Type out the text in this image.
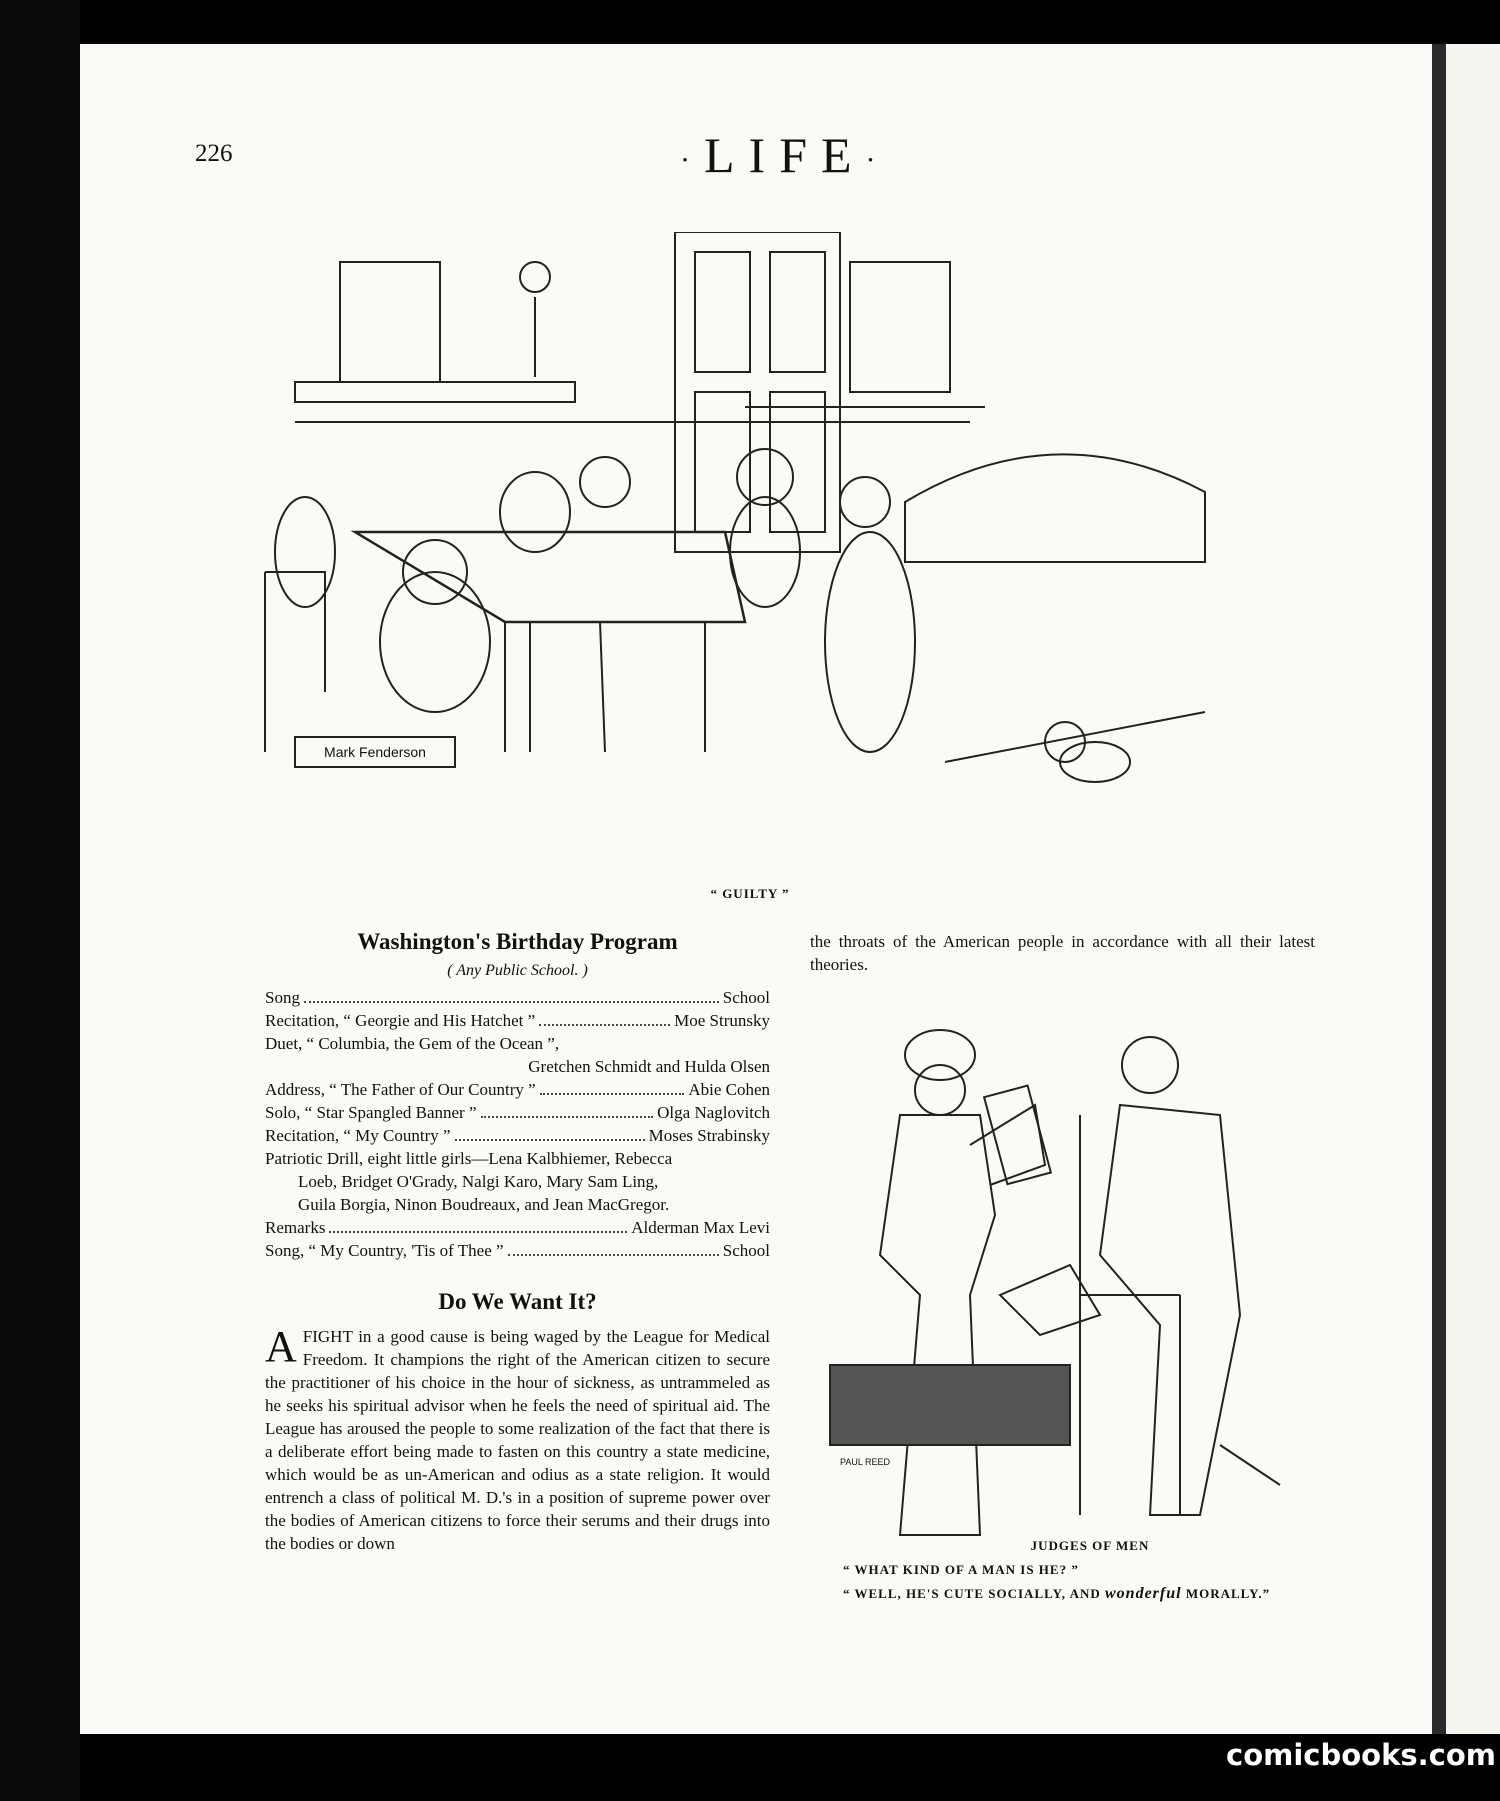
226	·LIFE·
Mark Fenderson
“ GUILTY ”
Washington's Birthday Program
( Any Public School. )
Song	School
Recitation, “ Georgie and His Hatchet ”	Moe Strunsky
Duet, “ Columbia, the Gem of the Ocean ”,
Gretchen Schmidt and Hulda Olsen
Address, “ The Father of Our Country ”	Abie Cohen
Solo, “ Star Spangled Banner ”	Olga Naglovitch
Recitation, “ My Country ”	Moses Strabinsky
Patriotic Drill, eight little girls—Lena Kalbhiemer, Rebecca
Loeb, Bridget O'Grady, Nalgi Karo, Mary Sam Ling,
Guila Borgia, Ninon Boudreaux, and Jean MacGregor.
Remarks	Alderman Max Levi
Song, “ My Country, 'Tis of Thee ”	School
Do We Want It?
AFIGHT in a good cause is being waged by the League for Medical Freedom. It champions the right of the American citizen to secure the practitioner of his choice in the hour of sickness, as untrammeled as he seeks his spiritual advisor when he feels the need of spiritual aid. The League has aroused the people to some realization of the fact that there is a deliberate effort being made to fasten on this country a state medicine, which would be as un-American and odius as a state religion. It would entrench a class of political M. D.'s in a position of supreme power over the bodies of American citizens to force their serums and their drugs into the bodies or down
the throats of the American people in accordance with all their latest theories.
PAUL REED
JUDGES OF MEN
“ WHAT KIND OF A MAN IS HE? ”
“ WELL, HE'S CUTE SOCIALLY, AND wonderful MORALLY.”
comicbooks.com
